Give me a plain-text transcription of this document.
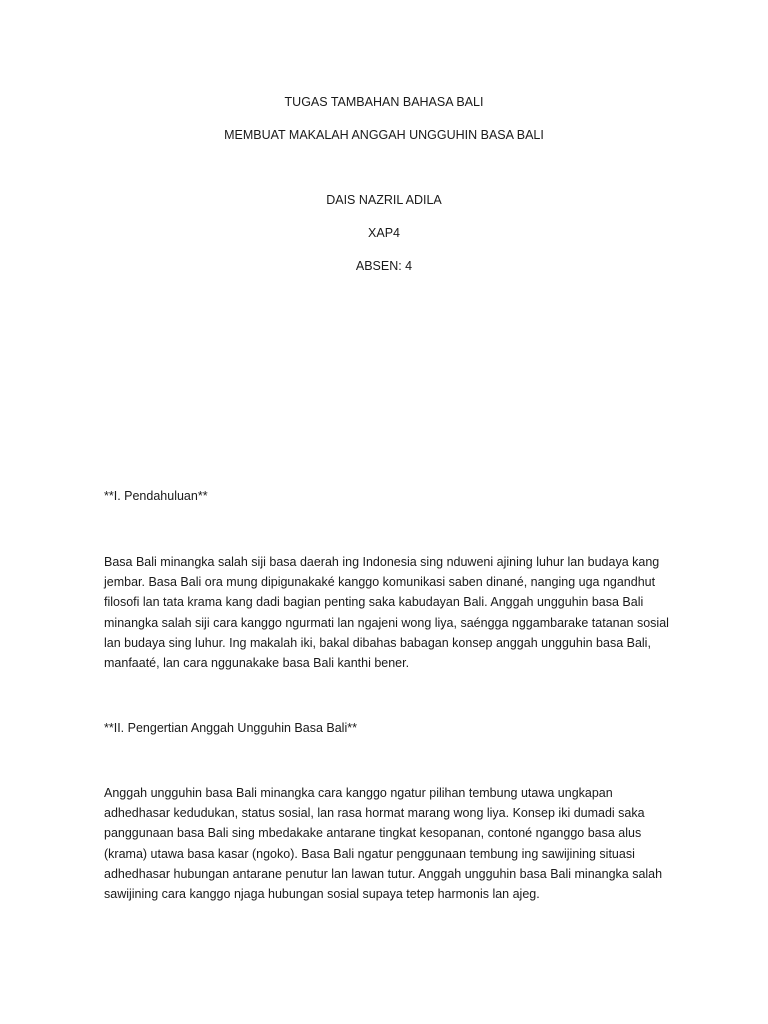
TUGAS TAMBAHAN BAHASA BALI
MEMBUAT MAKALAH ANGGAH UNGGUHIN BASA BALI
DAIS NAZRIL ADILA
XAP4
ABSEN: 4
**I. Pendahuluan**

Basa Bali minangka salah siji basa daerah ing Indonesia sing nduweni ajining luhur lan budaya kang
jembar. Basa Bali ora mung dipigunakaké kanggo komunikasi saben dinané, nanging uga ngandhut
filosofi lan tata krama kang dadi bagian penting saka kabudayan Bali. Anggah ungguhin basa Bali
minangka salah siji cara kanggo ngurmati lan ngajeni wong liya, saéngga nggambarake tatanan sosial
lan budaya sing luhur. Ing makalah iki, bakal dibahas babagan konsep anggah ungguhin basa Bali,
manfaaté, lan cara nggunakake basa Bali kanthi bener.

**II. Pengertian Anggah Ungguhin Basa Bali**

Anggah ungguhin basa Bali minangka cara kanggo ngatur pilihan tembung utawa ungkapan
adhedhasar kedudukan, status sosial, lan rasa hormat marang wong liya. Konsep iki dumadi saka
panggunaan basa Bali sing mbedakake antarane tingkat kesopanan, contoné nganggo basa alus
(krama) utawa basa kasar (ngoko). Basa Bali ngatur penggunaan tembung ing sawijining situasi
adhedhasar hubungan antarane penutur lan lawan tutur. Anggah ungguhin basa Bali minangka salah
sawijining cara kanggo njaga hubungan sosial supaya tetep harmonis lan ajeg.
